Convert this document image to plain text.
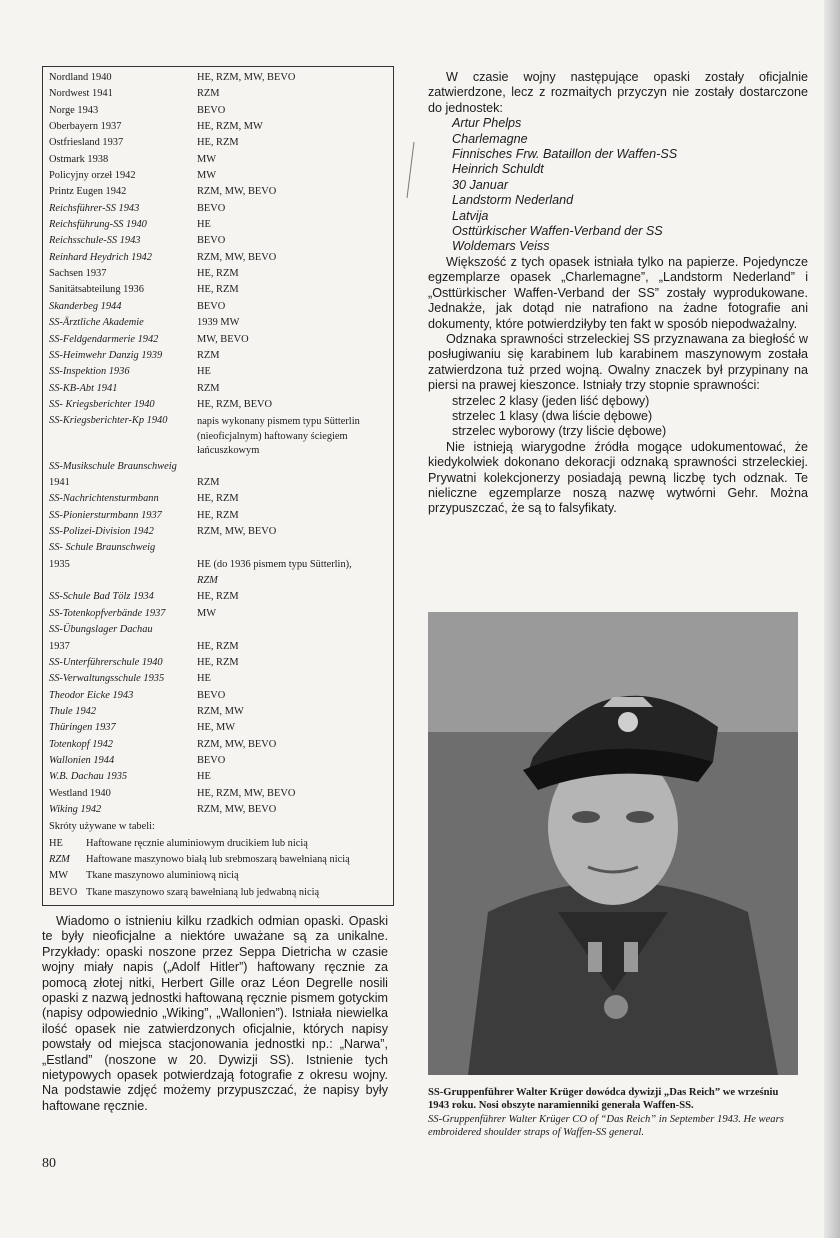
Nordland 1940	HE, RZM, MW, BEVO
Nordwest 1941	RZM
Norge 1943	BEVO
Oberbayern 1937	HE, RZM, MW
Ostfriesland 1937	HE, RZM
Ostmark 1938	MW
Policyjny orzeł 1942	MW
Printz Eugen 1942	RZM, MW, BEVO
Reichsführer-SS 1943	BEVO
Reichsführung-SS 1940	HE
Reichsschule-SS 1943	BEVO
Reinhard Heydrich 1942	RZM, MW, BEVO
Sachsen 1937	HE, RZM
Sanitätsabteilung 1936	HE, RZM
Skanderbeg 1944	BEVO
SS-Ärztliche Akademie	1939 MW
SS-Feldgendarmerie 1942	MW, BEVO
SS-Heimwehr Danzig 1939	RZM
SS-Inspektion 1936	HE
SS-KB-Abt 1941	RZM
SS- Kriegsberichter 1940	HE, RZM, BEVO
SS-Kriegsberichter-Kp 1940	napis wykonany pismem typu Sütterlin (nieoficjalnym) haftowany ściegiem łańcuszkowym
SS-Musikschule Braunschweig
1941	RZM
SS-Nachrichtensturmbann	HE, RZM
SS-Pioniersturmbann 1937	HE, RZM
SS-Polizei-Division 1942	RZM, MW, BEVO
SS- Schule Braunschweig
1935	HE (do 1936 pismem typu Sütterlin),
RZM
SS-Schule Bad Tölz 1934	HE, RZM
SS-Totenkopfverbände 1937	MW
SS-Übungslager Dachau
1937	HE, RZM
SS-Unterführerschule 1940	HE, RZM
SS-Verwaltungsschule 1935	HE
Theodor Eicke 1943	BEVO
Thule 1942	RZM, MW
Thüringen 1937	HE, MW
Totenkopf 1942	RZM, MW, BEVO
Wallonien 1944	BEVO
W.B. Dachau 1935	HE
Westland 1940	HE, RZM, MW, BEVO
Wiking 1942	RZM, MW, BEVO
Skróty używane w tabeli:
HE	Haftowane ręcznie aluminiowym drucikiem lub nicią
RZM	Haftowane maszynowo białą lub srebmoszarą bawełnianą nicią
MW	Tkane maszynowo aluminiową nicią
BEVO Tkane maszynowo szarą bawełnianą lub jedwabną nicią
Wiadomo o istnieniu kilku rzadkich odmian opaski. Opaski te były nieoficjalne a niektóre uważane są za unikalne. Przykłady: opaski noszone przez Seppa Dietricha w czasie wojny miały napis („Adolf Hitler”) haftowany ręcznie za pomocą złotej nitki, Herbert Gille oraz Léon Degrelle nosili opaski z nazwą jednostki haftowaną ręcznie pismem gotyckim (napisy odpowiednio „Wiking”, „Wallonien”). Istniała niewielka ilość opasek nie zatwierdzonych oficjalnie, których napisy powstały od miejsca stacjonowania jednostki np.: „Narwa”, „Estland” (noszone w 20. Dywizji SS). Istnienie tych nietypowych opasek potwierdzają fotografie z okresu wojny. Na podstawie zdjęć możemy przypuszczać, że napisy były haftowane ręcznie.

W czasie wojny następujące opaski zostały oficjalnie zatwierdzone, lecz z rozmaitych przyczyn nie zostały dostarczone do jednostek:

Artur Phelps
Charlemagne
Finnisches Frw. Bataillon der Waffen-SS
Heinrich Schuldt
30 Januar
Landstorm Nederland
Latvija
Osttürkischer Waffen-Verband der SS
Woldemars Veiss

Większość z tych opasek istniała tylko na papierze. Pojedyncze egzemplarze opasek „Charlemagne”, „Landstorm Nederland” i „Osttürkischer Waffen-Verband der SS” zostały wyprodukowane. Jednakże, jak dotąd nie natrafiono na żadne fotografie ani dokumenty, które potwierdziłyby ten fakt w sposób niepodważalny.

Odznaka sprawności strzeleckiej SS przyznawana za biegłość w posługiwaniu się karabinem lub karabinem maszynowym została zatwierdzona tuż przed wojną. Owalny znaczek był przypinany na piersi na prawej kieszonce. Istniały trzy stopnie sprawności:

strzelec 2 klasy (jeden liść dębowy)
strzelec 1 klasy (dwa liście dębowe)
strzelec wyborowy (trzy liście dębowe)

Nie istnieją wiarygodne źródła mogące udokumentować, że kiedykolwiek dokonano dekoracji odznaką sprawności strzeleckiej. Prywatni kolekcjonerzy posiadają pewną liczbę tych odznak. Te nieliczne egzemplarze noszą nazwę wytwórni Gehr. Można przypuszczać, że są to falsyfikaty.

SS-Gruppenführer Walter Krüger dowódca dywizji „Das Reich” we wrześniu 1943 roku. Nosi obszyte naramienniki generała Waffen-SS.
SS-Gruppenführer Walter Krüger CO of “Das Reich” in September 1943. He wears embroidered shoulder straps of Waffen-SS general.
80
